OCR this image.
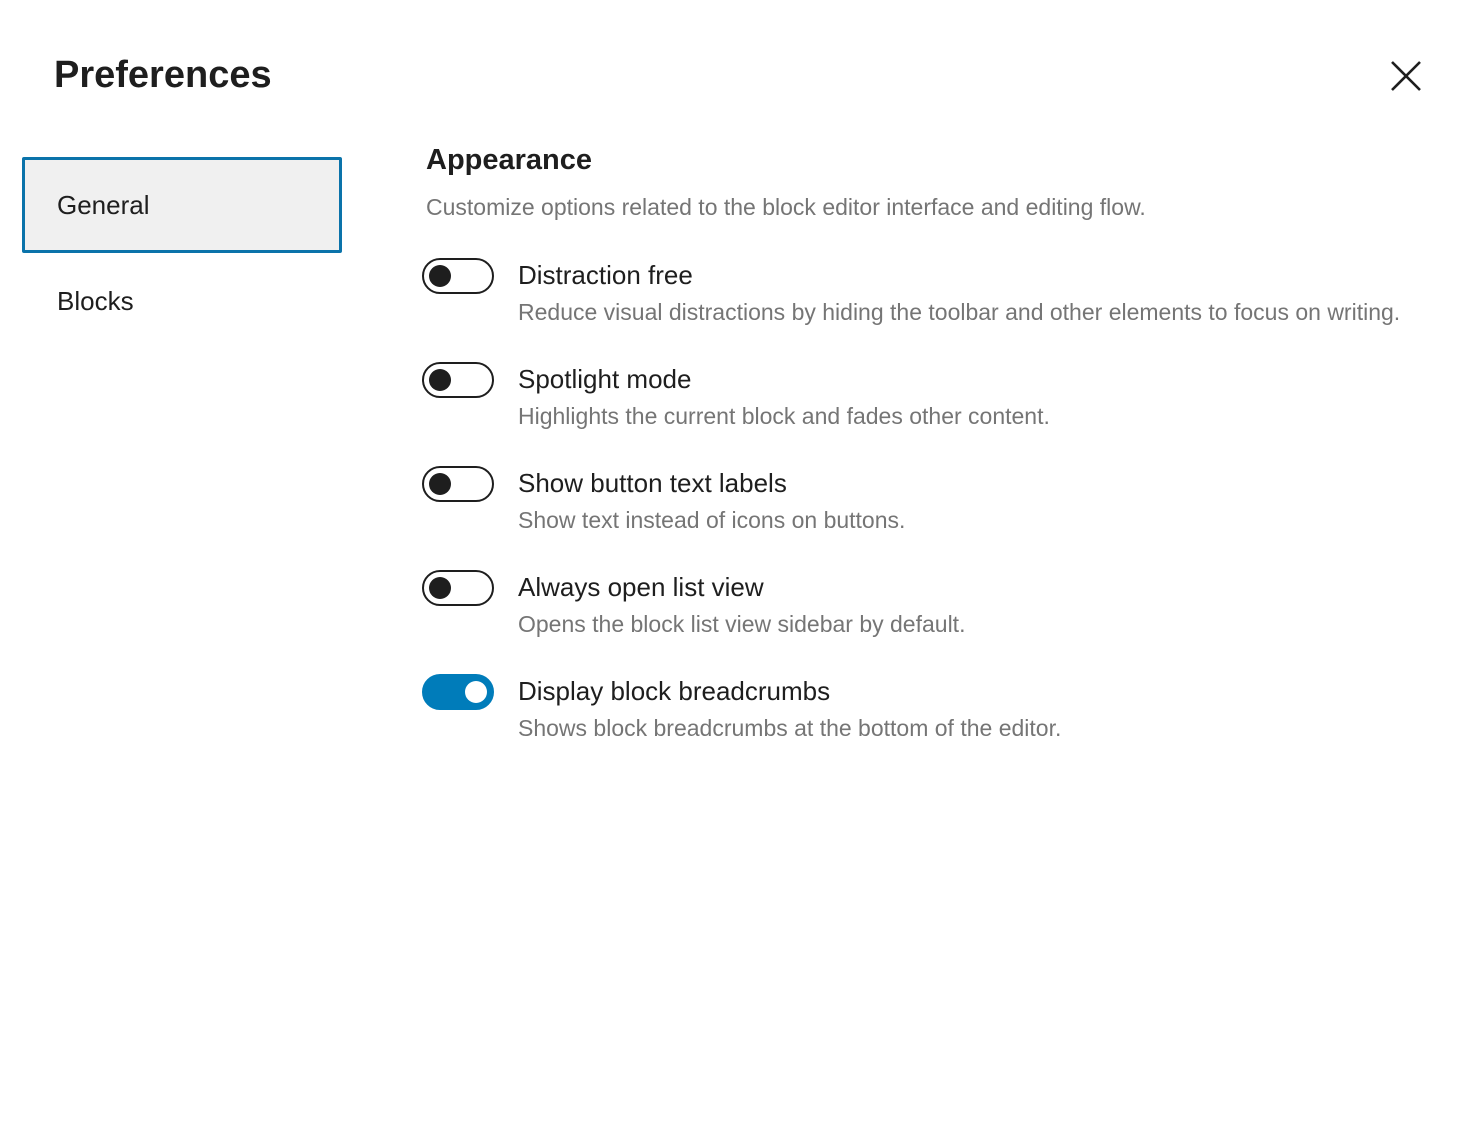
Preferences
General
Blocks
Appearance

Customize options related to the block editor interface and editing flow.

Distraction free
Reduce visual distractions by hiding the toolbar and other elements to focus on writing.
Spotlight mode
Highlights the current block and fades other content.
Show button text labels
Show text instead of icons on buttons.
Always open list view
Opens the block list view sidebar by default.
Display block breadcrumbs
Shows block breadcrumbs at the bottom of the editor.
